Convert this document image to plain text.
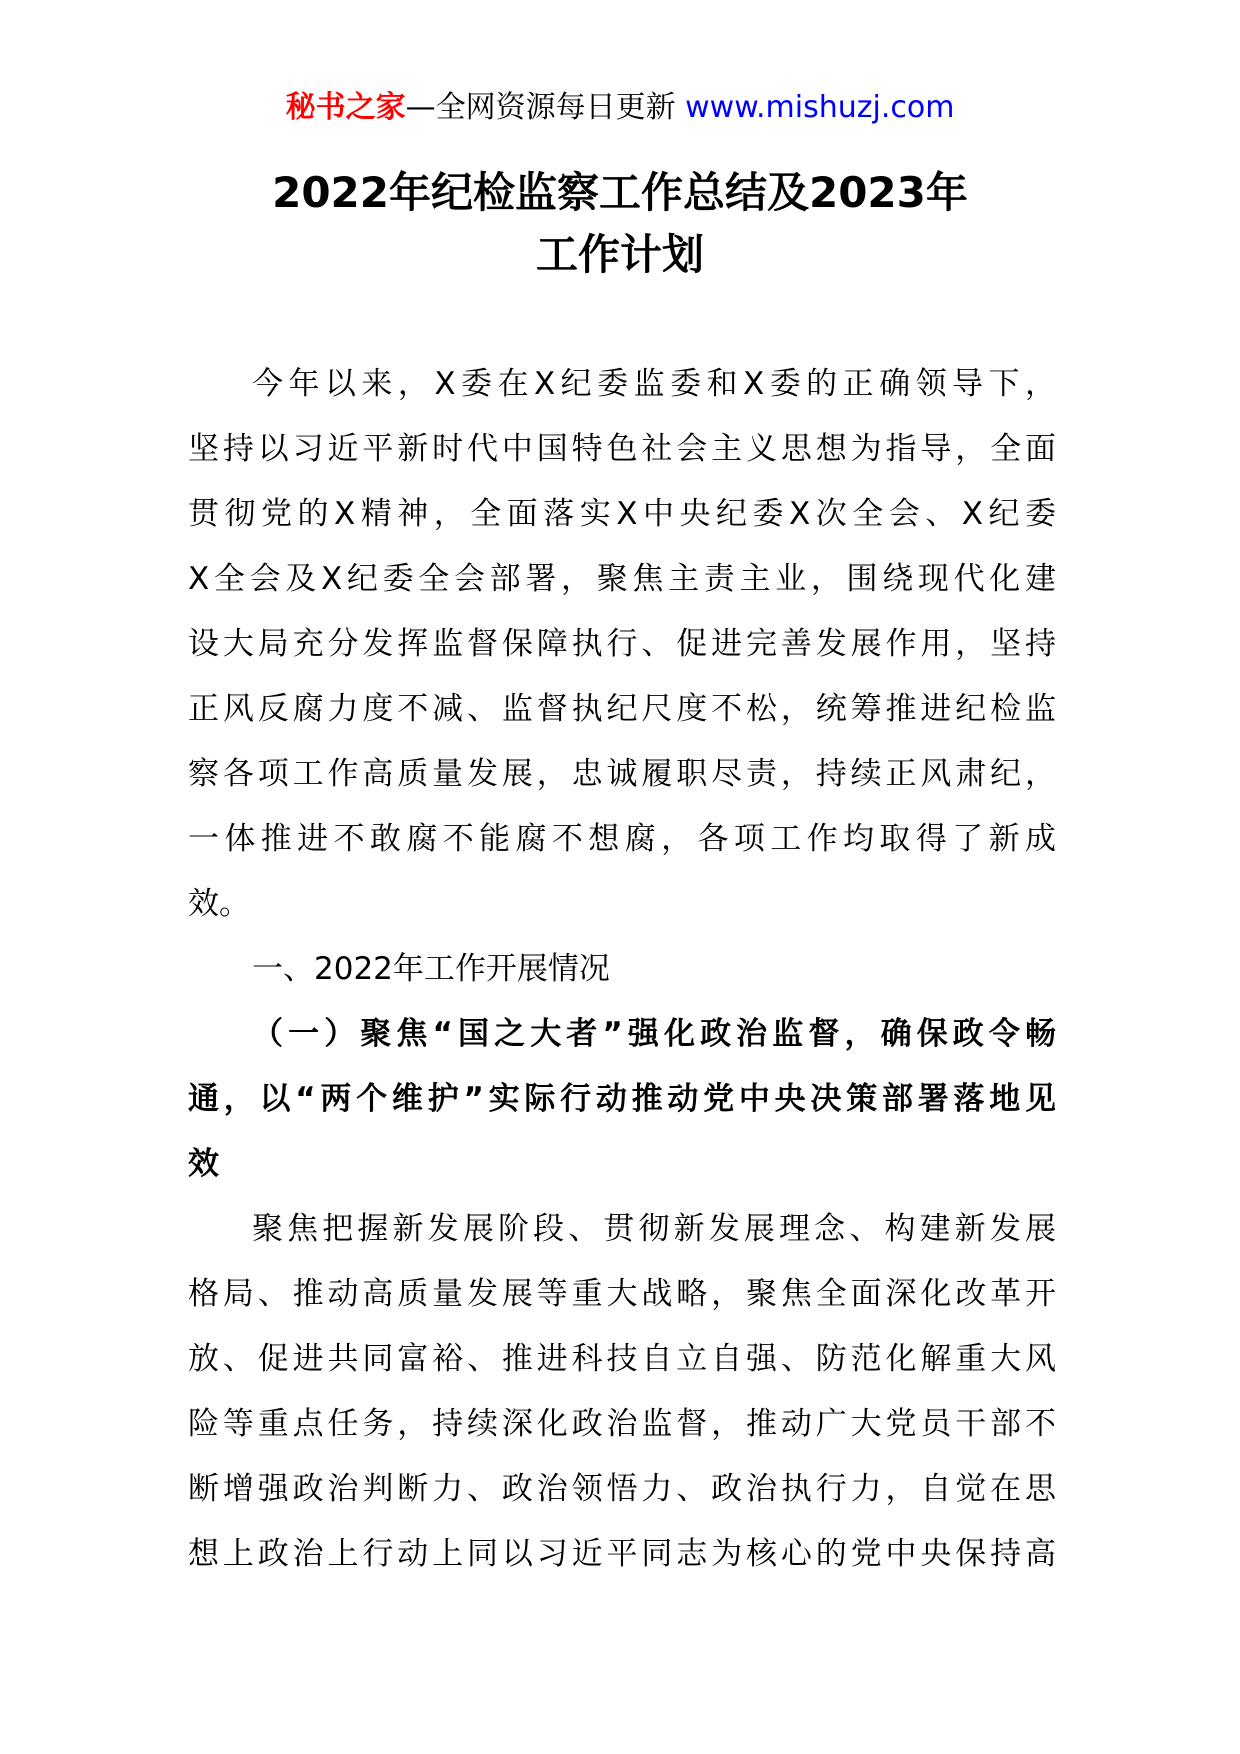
秘书之家—全网资源每日更新 www.mishuzj.com
2022年纪检监察工作总结及2023年
工作计划
今年以来，X委在X纪委监委和X委的正确领导下，
坚持以习近平新时代中国特色社会主义思想为指导，全面
贯彻党的X精神，全面落实X中央纪委X次全会、X纪委
X全会及X纪委全会部署，聚焦主责主业，围绕现代化建
设大局充分发挥监督保障执行、促进完善发展作用，坚持
正风反腐力度不减、监督执纪尺度不松，统筹推进纪检监
察各项工作高质量发展，忠诚履职尽责，持续正风肃纪，
一体推进不敢腐不能腐不想腐，各项工作均取得了新成
效。
一、2022年工作开展情况
（一）聚焦“国之大者”强化政治监督，确保政令畅
通，以“两个维护”实际行动推动党中央决策部署落地见
效
聚焦把握新发展阶段、贯彻新发展理念、构建新发展
格局、推动高质量发展等重大战略，聚焦全面深化改革开
放、促进共同富裕、推进科技自立自强、防范化解重大风
险等重点任务，持续深化政治监督，推动广大党员干部不
断增强政治判断力、政治领悟力、政治执行力，自觉在思
想上政治上行动上同以习近平同志为核心的党中央保持高
